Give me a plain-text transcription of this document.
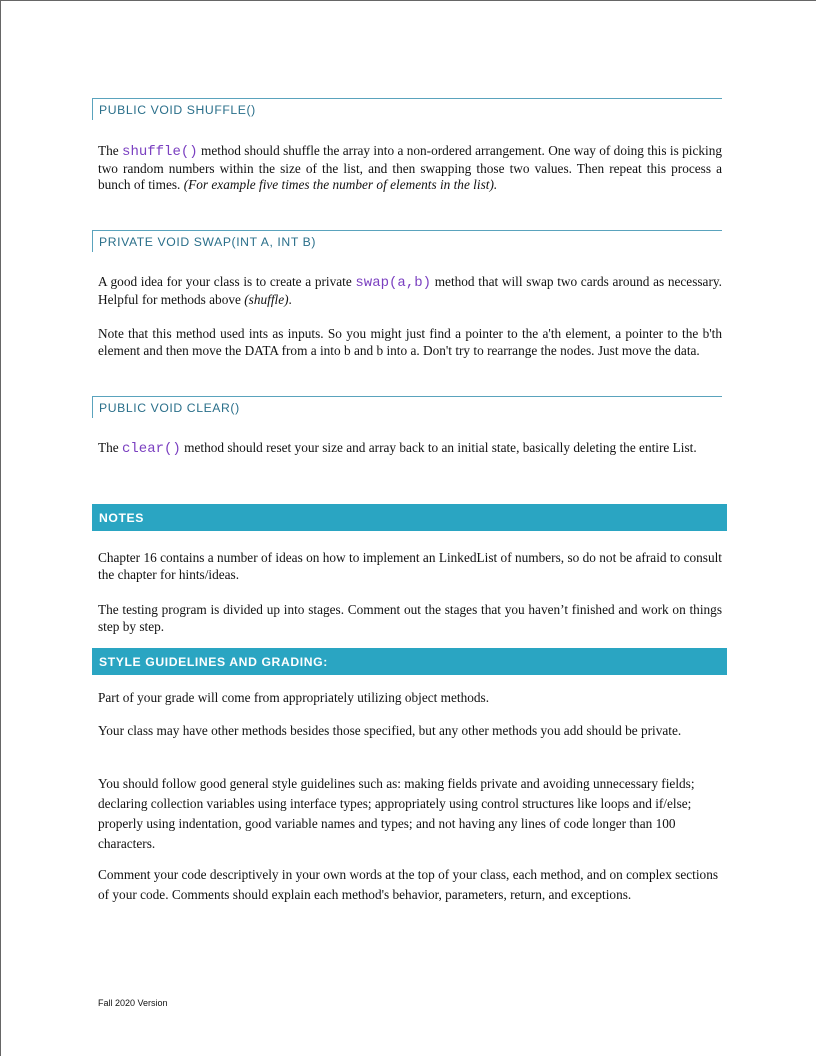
PUBLIC VOID SHUFFLE()

The shuffle() method should shuffle the array into a non-ordered arrangement. One way of doing this is picking two random numbers within the size of the list, and then swapping those two values. Then repeat this process a bunch of times. (For example five times the number of elements in the list).

PRIVATE VOID SWAP(INT A, INT B)

A good idea for your class is to create a private swap(a,b) method that will swap two cards around as necessary. Helpful for methods above (shuffle).

Note that this method used ints as inputs. So you might just find a pointer to the a'th element, a pointer to the b'th element and then move the DATA from a into b and b into a. Don't try to rearrange the nodes. Just move the data.

PUBLIC VOID CLEAR()

The clear() method should reset your size and array back to an initial state, basically deleting the entire List.

NOTES

Chapter 16 contains a number of ideas on how to implement an LinkedList of numbers, so do not be afraid to consult the chapter for hints/ideas.

The testing program is divided up into stages. Comment out the stages that you haven’t finished and work on things step by step.

STYLE GUIDELINES AND GRADING:

Part of your grade will come from appropriately utilizing object methods.

Your class may have other methods besides those specified, but any other methods you add should be private.

You should follow good general style guidelines such as: making fields private and avoiding unnecessary fields; declaring collection variables using interface types; appropriately using control structures like loops and if/else; properly using indentation, good variable names and types; and not having any lines of code longer than 100 characters.

Comment your code descriptively in your own words at the top of your class, each method, and on complex sections of your code. Comments should explain each method's behavior, parameters, return, and exceptions.

Fall 2020 Version
